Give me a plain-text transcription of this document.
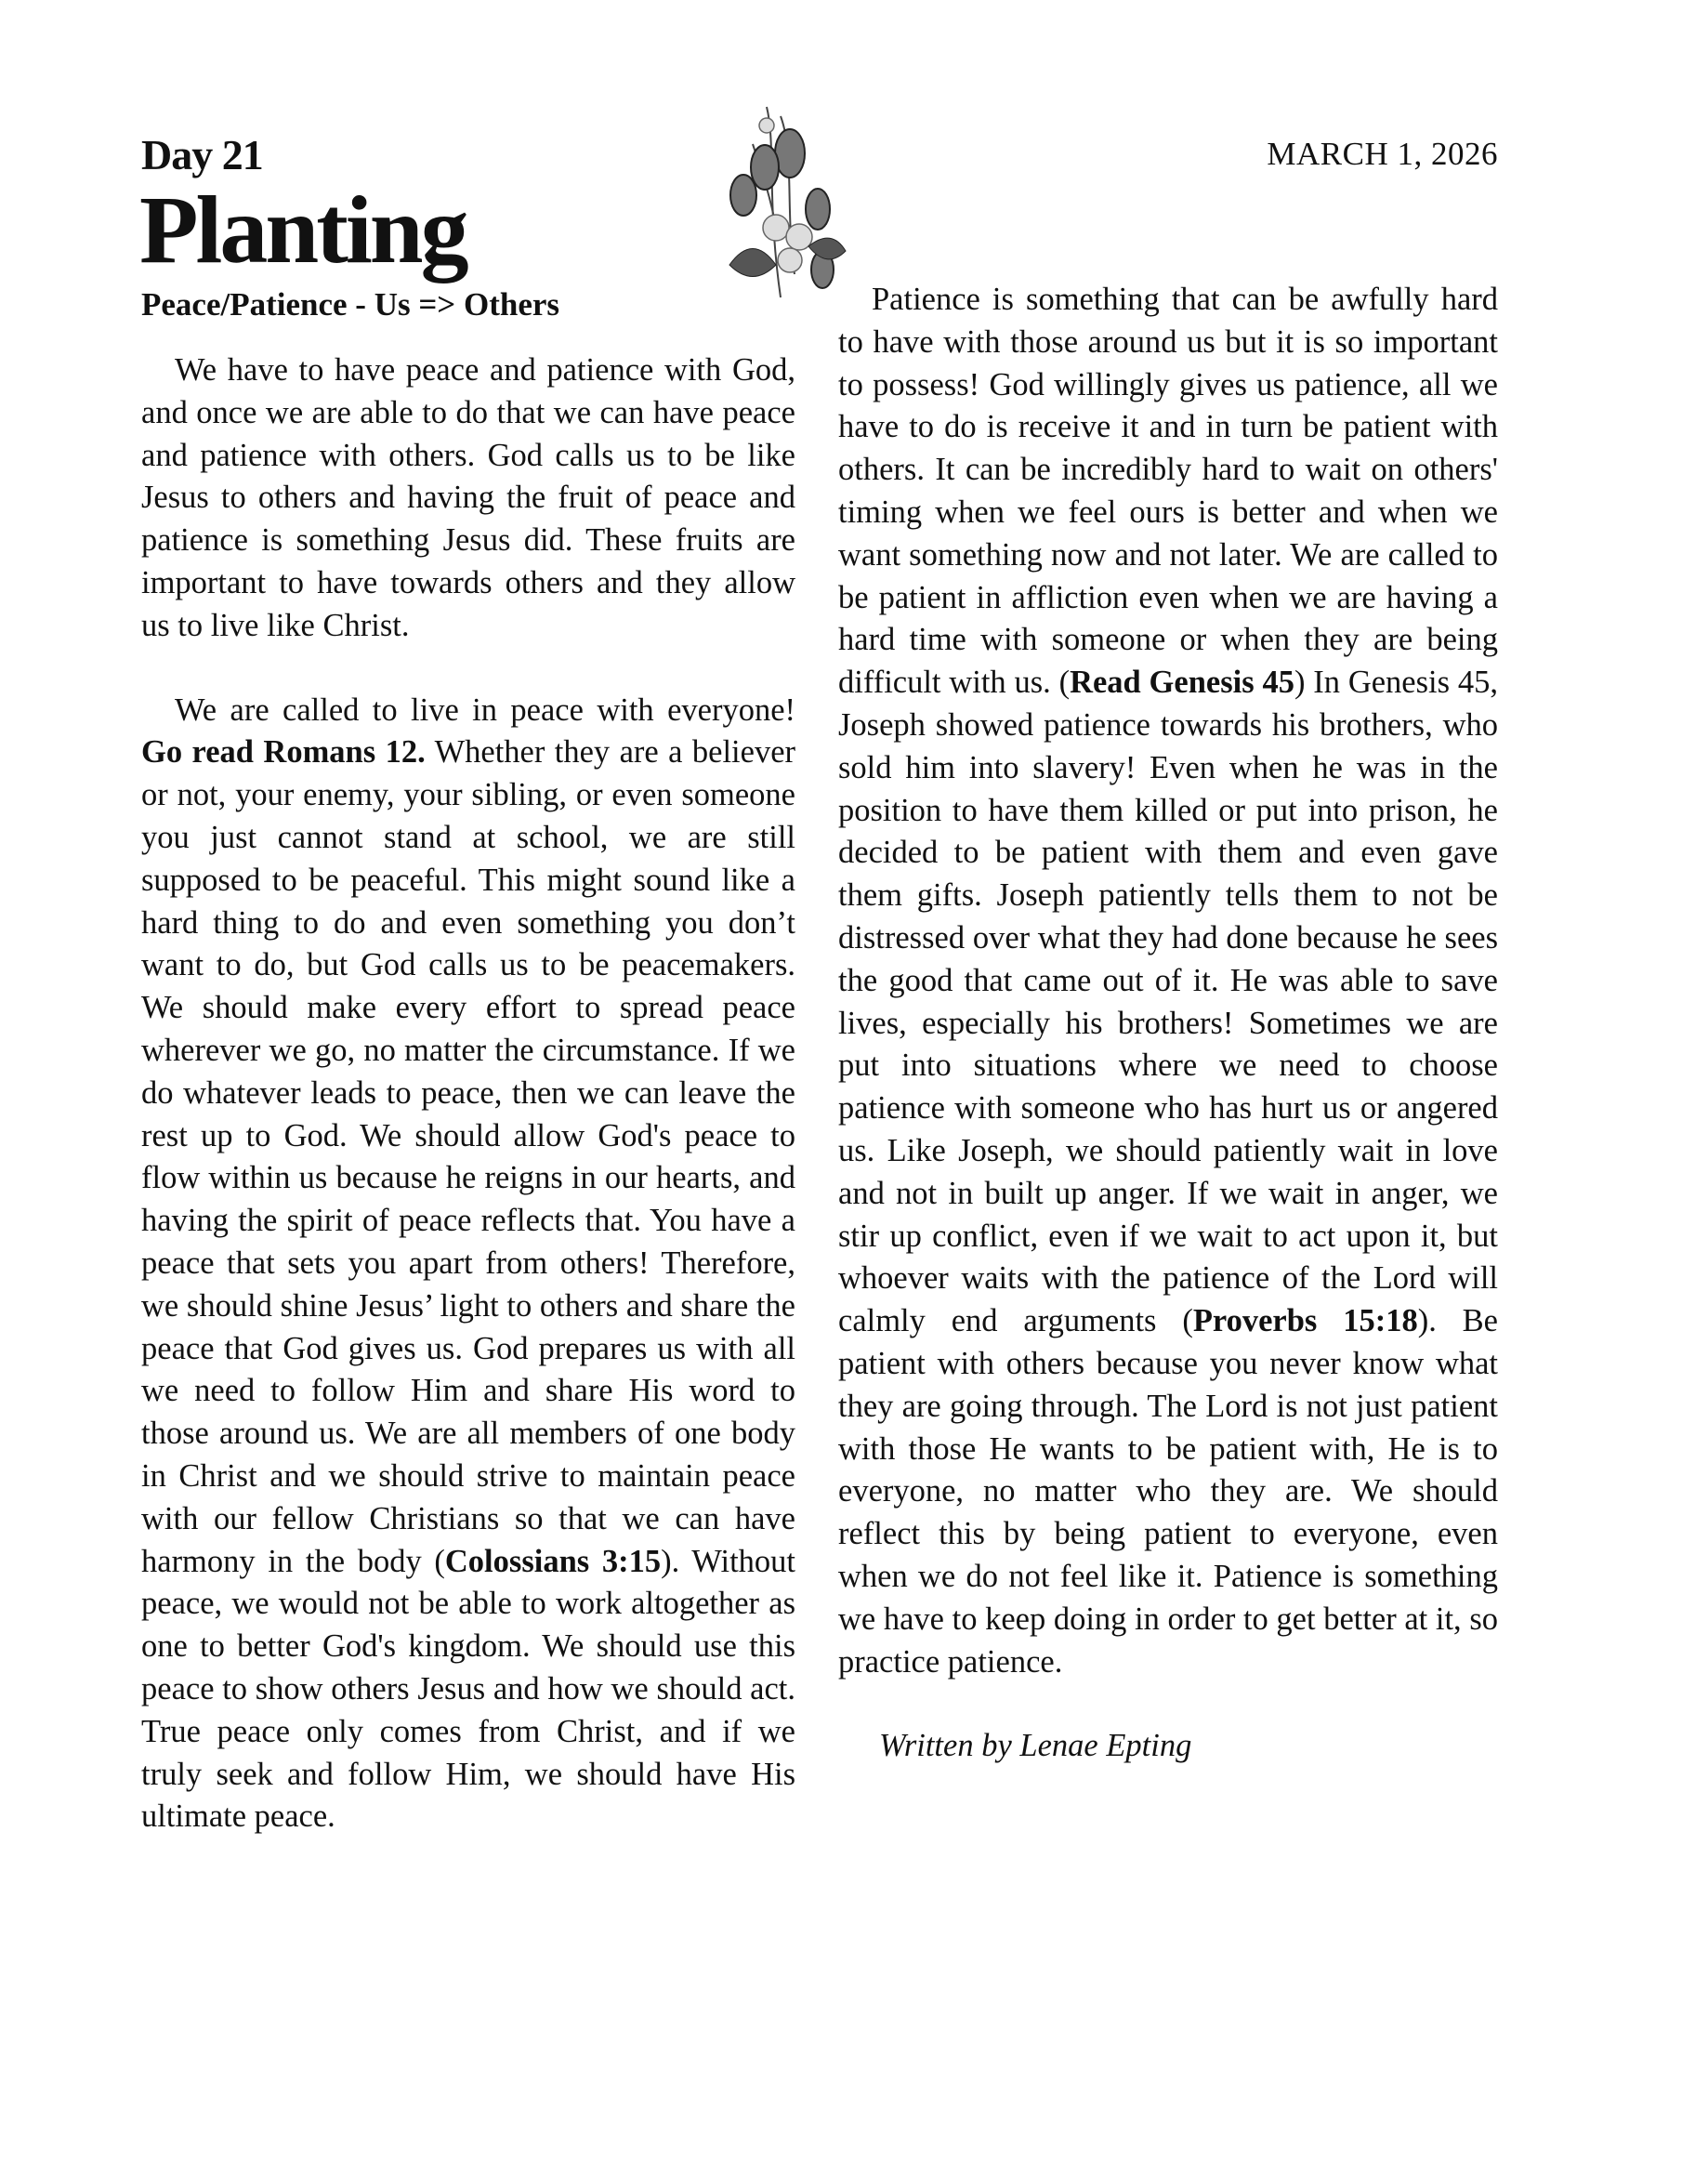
Day 21
Planting
Peace/Patience - Us => Others
MARCH 1, 2026

We have to have peace and patience with God, and once we are able to do that we can have peace and patience with others. God calls us to be like Jesus to others and having the fruit of peace and patience is something Jesus did. These fruits are important to have towards others and they allow us to live like Christ.

We are called to live in peace with everyone! Go read Romans 12. Whether they are a believer or not, your enemy, your sibling, or even someone you just cannot stand at school, we are still supposed to be peaceful. This might sound like a hard thing to do and even something you don’t want to do, but God calls us to be peacemakers. We should make every effort to spread peace wherever we go, no matter the circumstance. If we do whatever leads to peace, then we can leave the rest up to God. We should allow God's peace to flow within us because he reigns in our hearts, and having the spirit of peace reflects that. You have a peace that sets you apart from others! Therefore, we should shine Jesus’ light to others and share the peace that God gives us. God prepares us with all we need to follow Him and share His word to those around us. We are all members of one body in Christ and we should strive to maintain peace with our fellow Christians so that we can have harmony in the body (Colossians 3:15). Without peace, we would not be able to work altogether as one to better God's kingdom. We should use this peace to show others Jesus and how we should act. True peace only comes from Christ, and if we truly seek and follow Him, we should have His ultimate peace.

Patience is something that can be awfully hard to have with those around us but it is so important to possess! God willingly gives us patience, all we have to do is receive it and in turn be patient with others. It can be incredibly hard to wait on others' timing when we feel ours is better and when we want something now and not later. We are called to be patient in affliction even when we are having a hard time with someone or when they are being difficult with us. (Read Genesis 45) In Genesis 45, Joseph showed patience towards his brothers, who sold him into slavery! Even when he was in the position to have them killed or put into prison, he decided to be patient with them and even gave them gifts. Joseph patiently tells them to not be distressed over what they had done because he sees the good that came out of it. He was able to save lives, especially his brothers! Sometimes we are put into situations where we need to choose patience with someone who has hurt us or angered us. Like Joseph, we should patiently wait in love and not in built up anger. If we wait in anger, we stir up conflict, even if we wait to act upon it, but whoever waits with the patience of the Lord will calmly end arguments (Proverbs 15:18). Be patient with others because you never know what they are going through. The Lord is not just patient with those He wants to be patient with, He is to everyone, no matter who they are. We should reflect this by being patient to everyone, even when we do not feel like it. Patience is something we have to keep doing in order to get better at it, so practice patience.

Written by Lenae Epting
